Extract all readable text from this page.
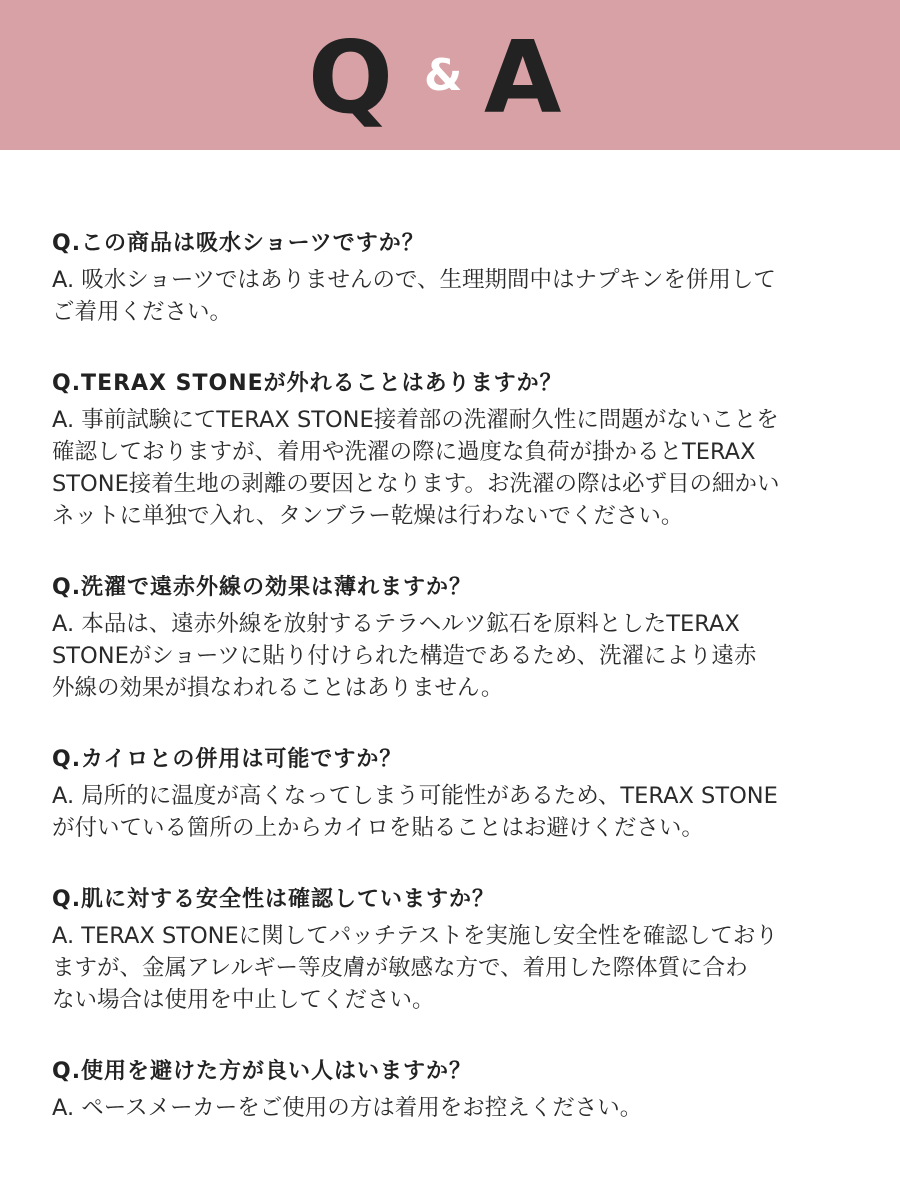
Q & A
Q.この商品は吸水ショーツですか？
A. 吸水ショーツではありませんので、生理期間中はナプキンを併用して
ご着用ください。
Q.TERAX STONEが外れることはありますか？
A. 事前試験にてTERAX STONE接着部の洗濯耐久性に問題がないことを
確認しておりますが、着用や洗濯の際に過度な負荷が掛かるとTERAX
STONE接着生地の剥離の要因となります。お洗濯の際は必ず目の細かい
ネットに単独で入れ、タンブラー乾燥は行わないでください。
Q.洗濯で遠赤外線の効果は薄れますか？
A. 本品は、遠赤外線を放射するテラヘルツ鉱石を原料としたTERAX
STONEがショーツに貼り付けられた構造であるため、洗濯により遠赤
外線の効果が損なわれることはありません。
Q.カイロとの併用は可能ですか？
A. 局所的に温度が高くなってしまう可能性があるため、TERAX STONE
が付いている箇所の上からカイロを貼ることはお避けください。
Q.肌に対する安全性は確認していますか？
A. TERAX STONEに関してパッチテストを実施し安全性を確認しており
ますが、金属アレルギー等皮膚が敏感な方で、着用した際体質に合わ
ない場合は使用を中止してください。
Q.使用を避けた方が良い人はいますか？
A. ペースメーカーをご使用の方は着用をお控えください。
